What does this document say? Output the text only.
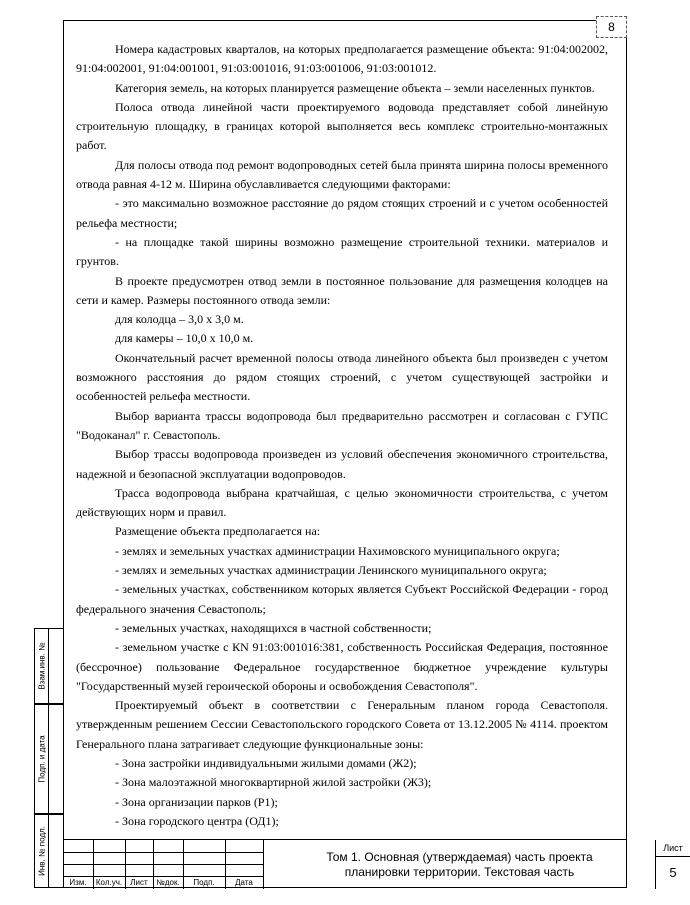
8

Номера кадастровых кварталов, на которых предполагается размещение объекта: 91:04:002002, 91:04:002001, 91:04:001001, 91:03:001016, 91:03:001006, 91:03:001012.

Категория земель, на которых планируется размещение объекта – земли населенных пунктов.

Полоса отвода линейной части проектируемого водовода представляет собой линейную строительную площадку, в границах которой выполняется весь комплекс строительно-монтажных работ.

Для полосы отвода под ремонт водопроводных сетей была принята ширина полосы временного отвода равная 4-12 м. Ширина обуславливается следующими факторами:

- это максимально возможное расстояние до рядом стоящих строений и с учетом особенностей рельефа местности;

- на площадке такой ширины возможно размещение строительной техники. материалов и грунтов.

В проекте предусмотрен отвод земли в постоянное пользование для размещения колодцев на сети и камер. Размеры постоянного отвода земли:

для колодца – 3,0 х 3,0 м.

для камеры – 10,0 х 10,0 м.

Окончательный расчет временной полосы отвода линейного объекта был произведен с учетом возможного расстояния до рядом стоящих строений, с учетом существующей застройки и особенностей рельефа местности.

Выбор варианта трассы водопровода был предварительно рассмотрен и согласован с ГУПС "Водоканал" г. Севастополь.

Выбор трассы водопровода произведен из условий обеспечения экономичного строительства, надежной и безопасной эксплуатации водопроводов.

Трасса водопровода выбрана кратчайшая, с целью экономичности строительства, с учетом действующих норм и правил.

Размещение объекта предполагается на:

- землях и земельных участках администрации Нахимовского муниципального округа;

- землях и земельных участках администрации Ленинского муниципального округа;

- земельных участках, собственником которых является Субъект Российской Федерации - город федерального значения Севастополь;

- земельных участках, находящихся в частной собственности;

- земельном участке с КN 91:03:001016:381, собственность Российская Федерация, постоянное (бессрочное) пользование Федеральное государственное бюджетное учреждение культуры "Государственный музей героической обороны и освобождения Севастополя".

Проектируемый объект в соответствии с Генеральным планом города Севастополя. утвержденным решением Сессии Севастопольского городского Совета от 13.12.2005 № 4114. проектом Генерального плана затрагивает следующие функциональные зоны:

- Зона застройки индивидуальными жилыми домами (Ж2);

- Зона малоэтажной многоквартирной жилой застройки (Ж3);

- Зона организации парков (Р1);

- Зона городского центра (ОД1);

Взам.инв. №
Подп. и дата
Инв. № подл.
Изм.	Кол.уч.	Лист	№док.	Подп.	Дата
Том 1. Основная (утверждаемая) часть проекта
планировки территории. Текстовая часть
Лист
5
